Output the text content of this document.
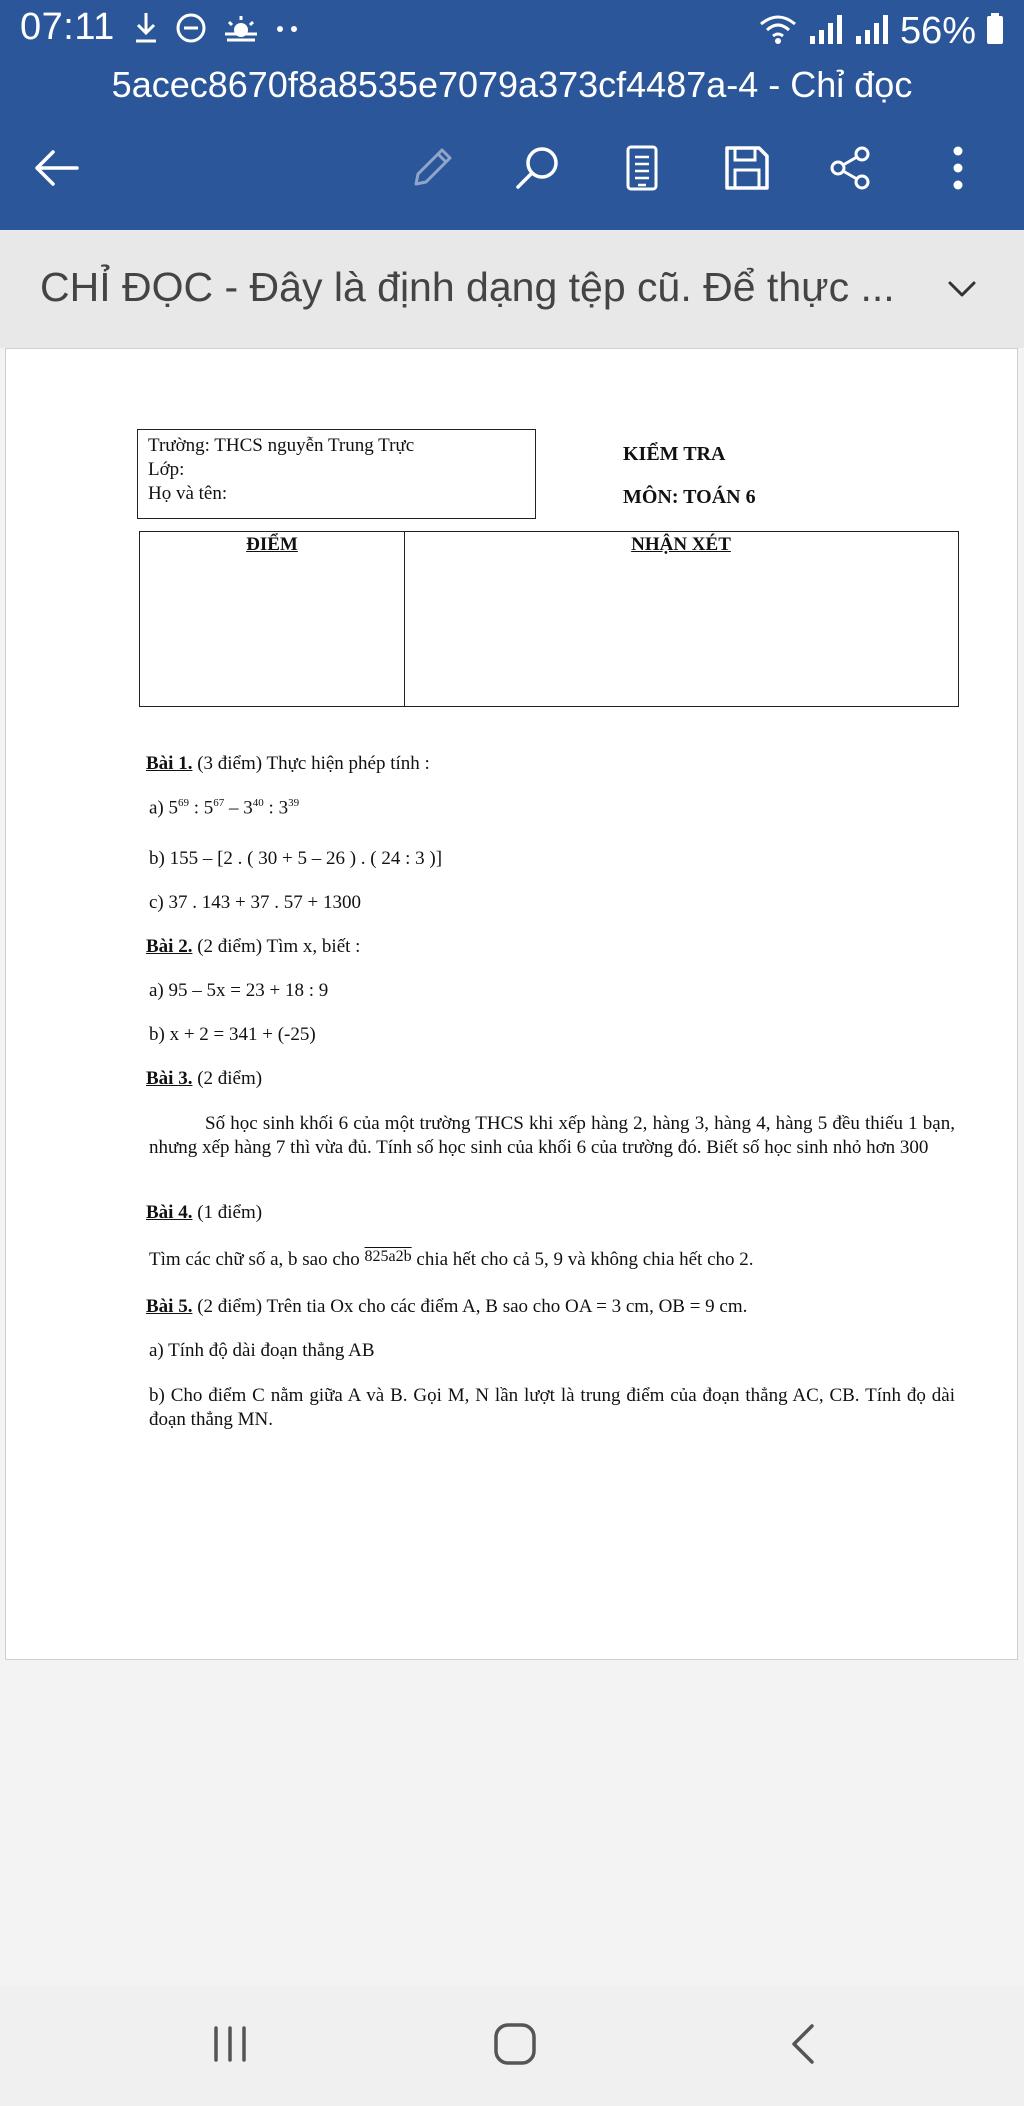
07:11	56%
5acec8670f8a8535e7079a373cf4487a-4 - Chỉ đọc
CHỈ ĐỌC - Đây là định dạng tệp cũ. Để thực ...
Trường: THCS nguyễn Trung Trực
Lớp:
Họ và tên:
KIỂM TRA
MÔN: TOÁN 6
ĐIỂM	NHẬN XÉT
Bài 1. (3 điểm) Thực hiện phép tính :
a) $5^{69}$ : $5^{67} - 3^{40}$ : $3^{39}$
b) 155 – [2 . ( 30 + 5 – 26 ) . ( 24 : 3 )]
c) 37 . 143 + 37 . 57 + 1300
Bài 2. (2 điểm) Tìm x, biết :
a) 95 – 5x = 23 + 18 : 9
b) x + 2 = 341 + (-25)
Bài 3. (2 điểm)
Số học sinh khối 6 của một trường THCS khi xếp hàng 2, hàng 3, hàng 4, hàng 5 đều thiếu 1 bạn, nhưng xếp hàng 7 thì vừa đủ. Tính số học sinh của khối 6 của trường đó. Biết số học sinh nhỏ hơn 300
Bài 4. (1 điểm)
Tìm các chữ số a, b sao cho $^{825a2b}$ chia hết cho cả 5, 9 và không chia hết cho 2.
Bài 5. (2 điểm) Trên tia Ox cho các điểm A, B sao cho OA = 3 cm, OB = 9 cm.
a) Tính độ dài đoạn thẳng AB
b) Cho điểm C nằm giữa A và B. Gọi M, N lần lượt là trung điểm của đoạn thẳng AC, CB. Tính đọ dài đoạn thẳng MN.
